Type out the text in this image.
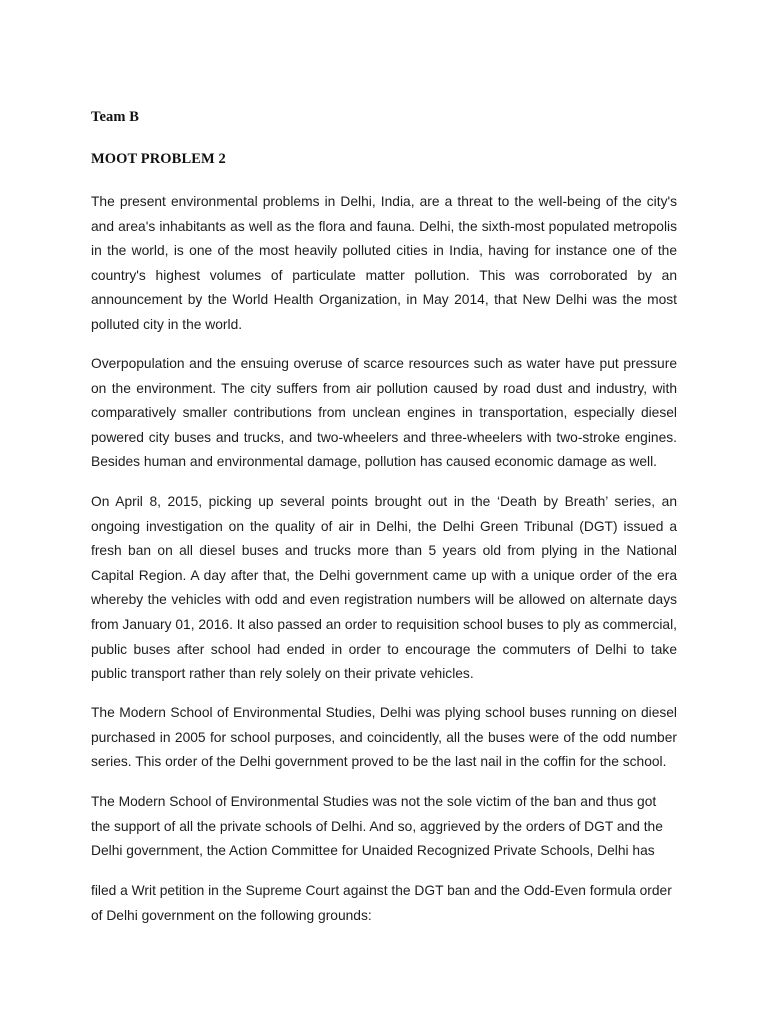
Team B
MOOT PROBLEM 2

The present environmental problems in Delhi, India, are a threat to the well-being of the city's and area's inhabitants as well as the flora and fauna. Delhi, the sixth-most populated metropolis in the world, is one of the most heavily polluted cities in India, having for instance one of the country's highest volumes of particulate matter pollution. This was corroborated by an announcement by the World Health Organization, in May 2014, that New Delhi was the most polluted city in the world.

Overpopulation and the ensuing overuse of scarce resources such as water have put pressure on the environment. The city suffers from air pollution caused by road dust and industry, with comparatively smaller contributions from unclean engines in transportation, especially diesel powered city buses and trucks, and two-wheelers and three-wheelers with two-stroke engines. Besides human and environmental damage, pollution has caused economic damage as well.

On April 8, 2015, picking up several points brought out in the ‘Death by Breath’ series, an ongoing investigation on the quality of air in Delhi, the Delhi Green Tribunal (DGT) issued a fresh ban on all diesel buses and trucks more than 5 years old from plying in the National Capital Region. A day after that, the Delhi government came up with a unique order of the era whereby the vehicles with odd and even registration numbers will be allowed on alternate days from January 01, 2016. It also passed an order to requisition school buses to ply as commercial, public buses after school had ended in order to encourage the commuters of Delhi to take public transport rather than rely solely on their private vehicles.

The Modern School of Environmental Studies, Delhi was plying school buses running on diesel purchased in 2005 for school purposes, and coincidently, all the buses were of the odd number series. This order of the Delhi government proved to be the last nail in the coffin for the school.

The Modern School of Environmental Studies was not the sole victim of the ban and thus got the support of all the private schools of Delhi. And so, aggrieved by the orders of DGT and the Delhi government, the Action Committee for Unaided Recognized Private Schools, Delhi has

filed a Writ petition in the Supreme Court against the DGT ban and the Odd-Even formula order of Delhi government on the following grounds:
